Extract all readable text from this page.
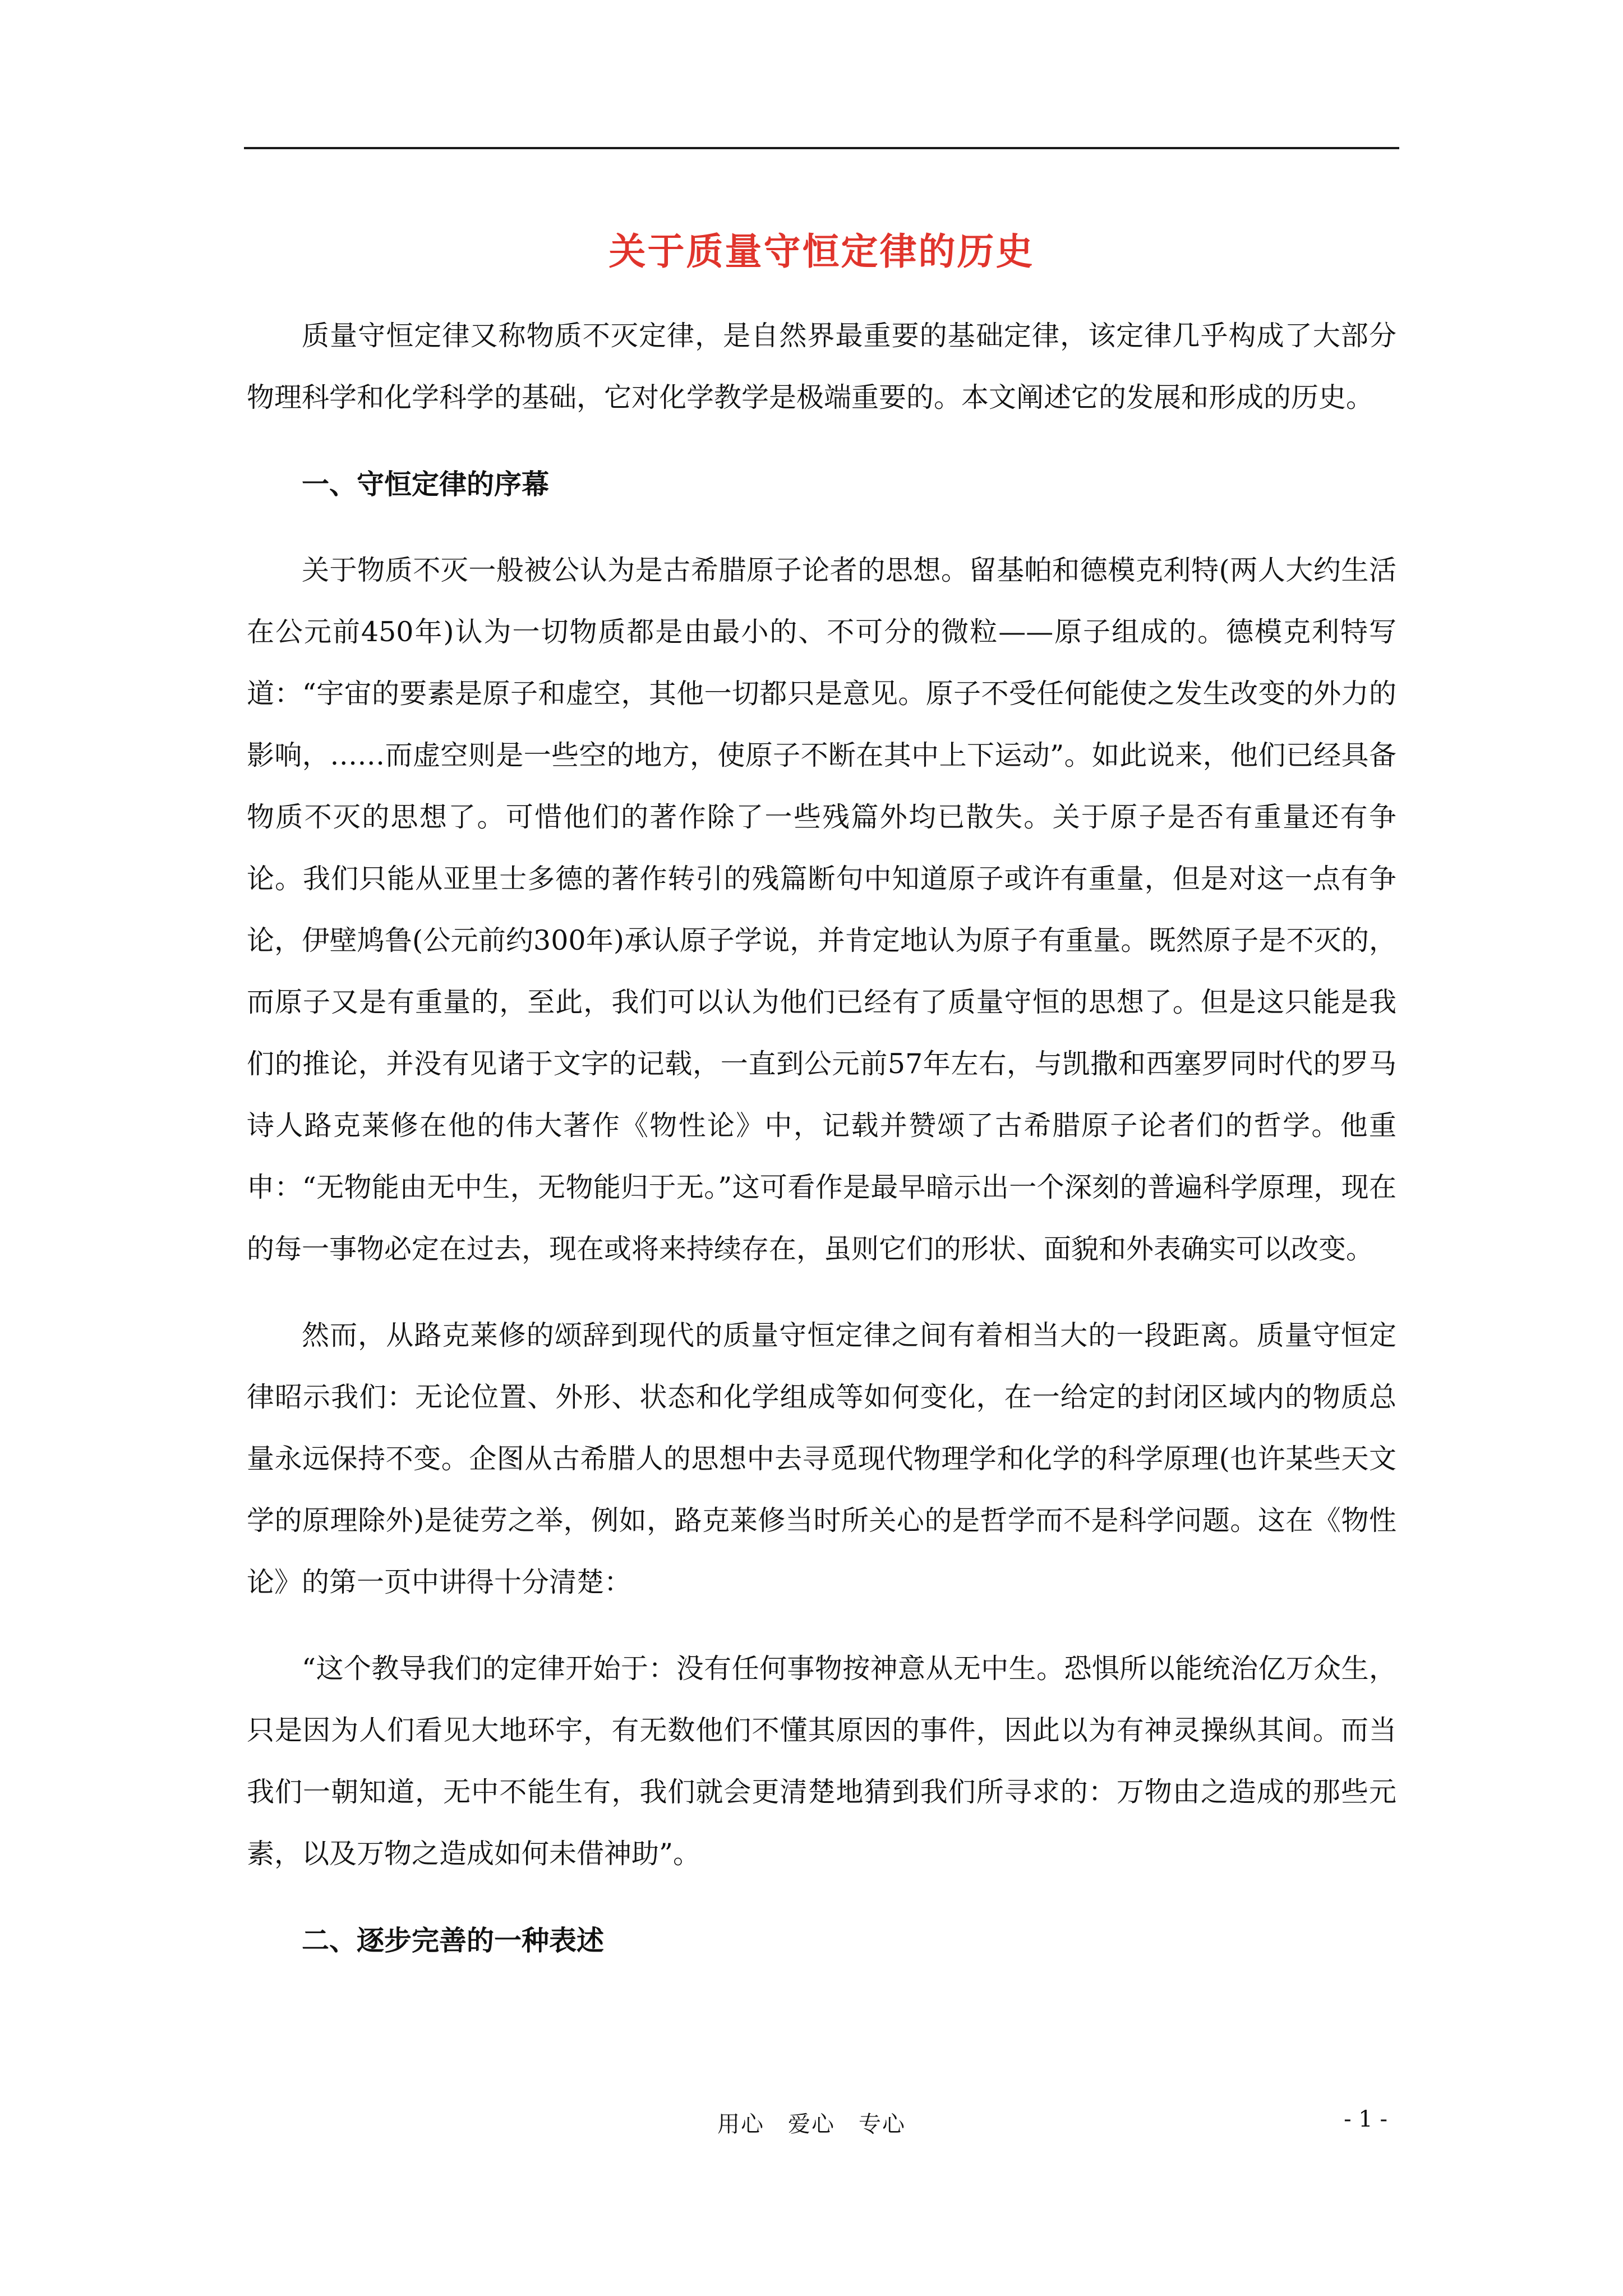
关于质量守恒定律的历史

质量守恒定律又称物质不灭定律，是自然界最重要的基础定律，该定律几乎构成了大部分物理科学和化学科学的基础，它对化学教学是极端重要的。本文阐述它的发展和形成的历史。

一、守恒定律的序幕

关于物质不灭一般被公认为是古希腊原子论者的思想。留基帕和德模克利特(两人大约生活在公元前450年)认为一切物质都是由最小的、不可分的微粒——原子组成的。德模克利特写道：“宇宙的要素是原子和虚空，其他一切都只是意见。原子不受任何能使之发生改变的外力的影响，……而虚空则是一些空的地方，使原子不断在其中上下运动”。如此说来，他们已经具备物质不灭的思想了。可惜他们的著作除了一些残篇外均已散失。关于原子是否有重量还有争论。我们只能从亚里士多德的著作转引的残篇断句中知道原子或许有重量，但是对这一点有争论，伊壁鸠鲁(公元前约300年)承认原子学说，并肯定地认为原子有重量。既然原子是不灭的，而原子又是有重量的，至此，我们可以认为他们已经有了质量守恒的思想了。但是这只能是我们的推论，并没有见诸于文字的记载，一直到公元前57年左右，与凯撒和西塞罗同时代的罗马诗人路克莱修在他的伟大著作《物性论》中，记载并赞颂了古希腊原子论者们的哲学。他重申：“无物能由无中生，无物能归于无。”这可看作是最早暗示出一个深刻的普遍科学原理，现在的每一事物必定在过去，现在或将来持续存在，虽则它们的形状、面貌和外表确实可以改变。

然而，从路克莱修的颂辞到现代的质量守恒定律之间有着相当大的一段距离。质量守恒定律昭示我们：无论位置、外形、状态和化学组成等如何变化，在一给定的封闭区域内的物质总量永远保持不变。企图从古希腊人的思想中去寻觅现代物理学和化学的科学原理(也许某些天文学的原理除外)是徒劳之举，例如，路克莱修当时所关心的是哲学而不是科学问题。这在《物性论》的第一页中讲得十分清楚：

“这个教导我们的定律开始于：没有任何事物按神意从无中生。恐惧所以能统治亿万众生，只是因为人们看见大地环宇，有无数他们不懂其原因的事件，因此以为有神灵操纵其间。而当我们一朝知道，无中不能生有，我们就会更清楚地猜到我们所寻求的：万物由之造成的那些元素，以及万物之造成如何未借神助”。

二、逐步完善的一种表述

用心　爱心　专心	- 1 -
